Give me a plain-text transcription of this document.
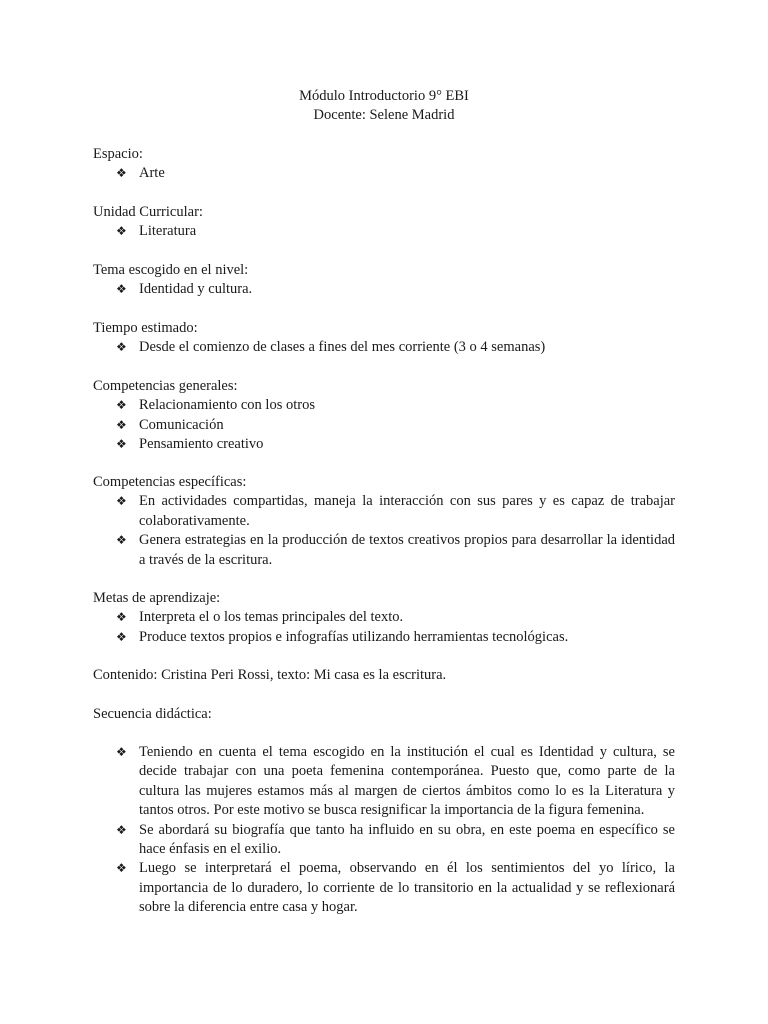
Módulo Introductorio 9° EBI
Docente: Selene Madrid
Espacio:
❖ Arte
Unidad Curricular:
❖ Literatura
Tema escogido en el nivel:
❖ Identidad y cultura.
Tiempo estimado:
❖ Desde el comienzo de clases a fines del mes corriente (3 o 4 semanas)
Competencias generales:
❖ Relacionamiento con los otros
❖ Comunicación
❖ Pensamiento creativo
Competencias específicas:
❖ En actividades compartidas, maneja la interacción con sus pares y es capaz de trabajar colaborativamente.
❖ Genera estrategias en la producción de textos creativos propios para desarrollar la identidad a través de la escritura.
Metas de aprendizaje:
❖ Interpreta el o los temas principales del texto.
❖ Produce textos propios e infografías utilizando herramientas tecnológicas.
Contenido: Cristina Peri Rossi, texto: Mi casa es la escritura.
Secuencia didáctica:
❖ Teniendo en cuenta el tema escogido en la institución el cual es Identidad y cultura, se decide trabajar con una poeta femenina contemporánea. Puesto que, como parte de la cultura las mujeres estamos más al margen de ciertos ámbitos como lo es la Literatura y tantos otros. Por este motivo se busca resignificar la importancia de la figura femenina.
❖ Se abordará su biografía que tanto ha influido en su obra, en este poema en específico se hace énfasis en el exilio.
❖ Luego se interpretará el poema, observando en él los sentimientos del yo lírico, la importancia de lo duradero, lo corriente de lo transitorio en la actualidad y se reflexionará sobre la diferencia entre casa y hogar.
